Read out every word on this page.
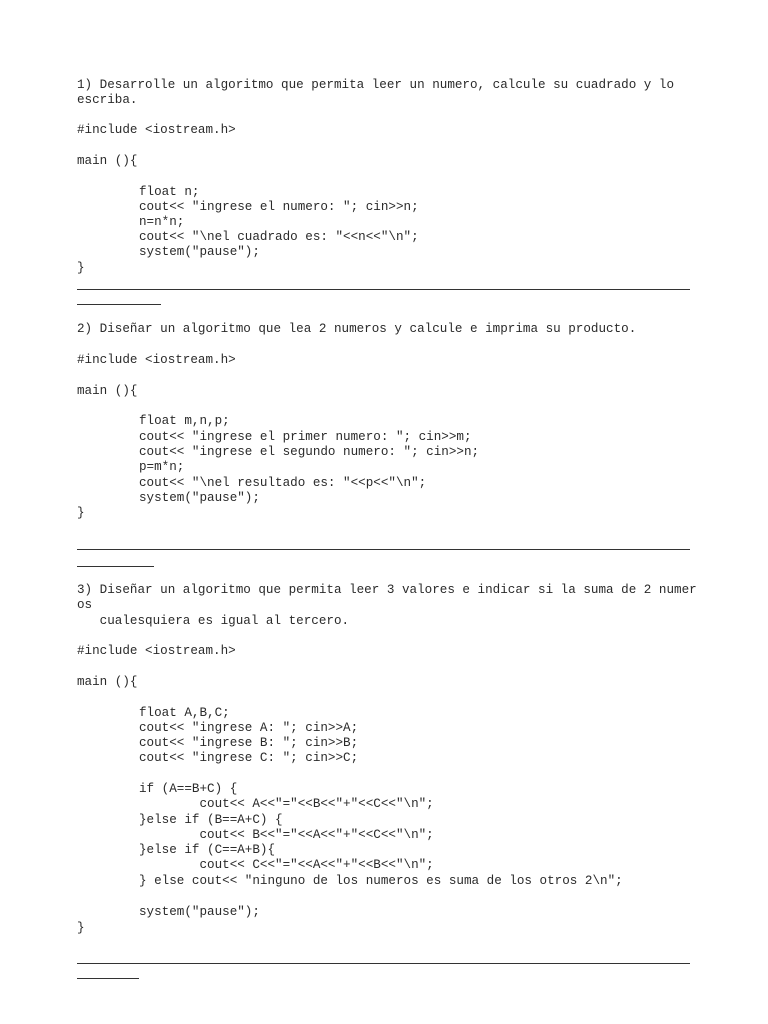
1) Desarrolle un algoritmo que permita leer un numero, calcule su cuadrado y lo
escriba.
#include <iostream.h>
main (){
float n;
cout<< "ingrese el numero: "; cin>>n;
n=n*n;
cout<< "\nel cuadrado es: "<<n<<"\n";
system("pause");
}
2) Diseñar un algoritmo que lea 2 numeros y calcule e imprima su producto.
#include <iostream.h>
main (){
float m,n,p;
cout<< "ingrese el primer numero: "; cin>>m;
cout<< "ingrese el segundo numero: "; cin>>n;
p=m*n;
cout<< "\nel resultado es: "<<p<<"\n";
system("pause");
}
3) Diseñar un algoritmo que permita leer 3 valores e indicar si la suma de 2 numer
os
cualesquiera es igual al tercero.
#include <iostream.h>
main (){
float A,B,C;
cout<< "ingrese A: "; cin>>A;
cout<< "ingrese B: "; cin>>B;
cout<< "ingrese C: "; cin>>C;
if (A==B+C) {
cout<< A<<"="<<B<<"+"<<C<<"\n";
}else if (B==A+C) {
cout<< B<<"="<<A<<"+"<<C<<"\n";
}else if (C==A+B){
cout<< C<<"="<<A<<"+"<<B<<"\n";
} else cout<< "ninguno de los numeros es suma de los otros 2\n";
system("pause");
}
